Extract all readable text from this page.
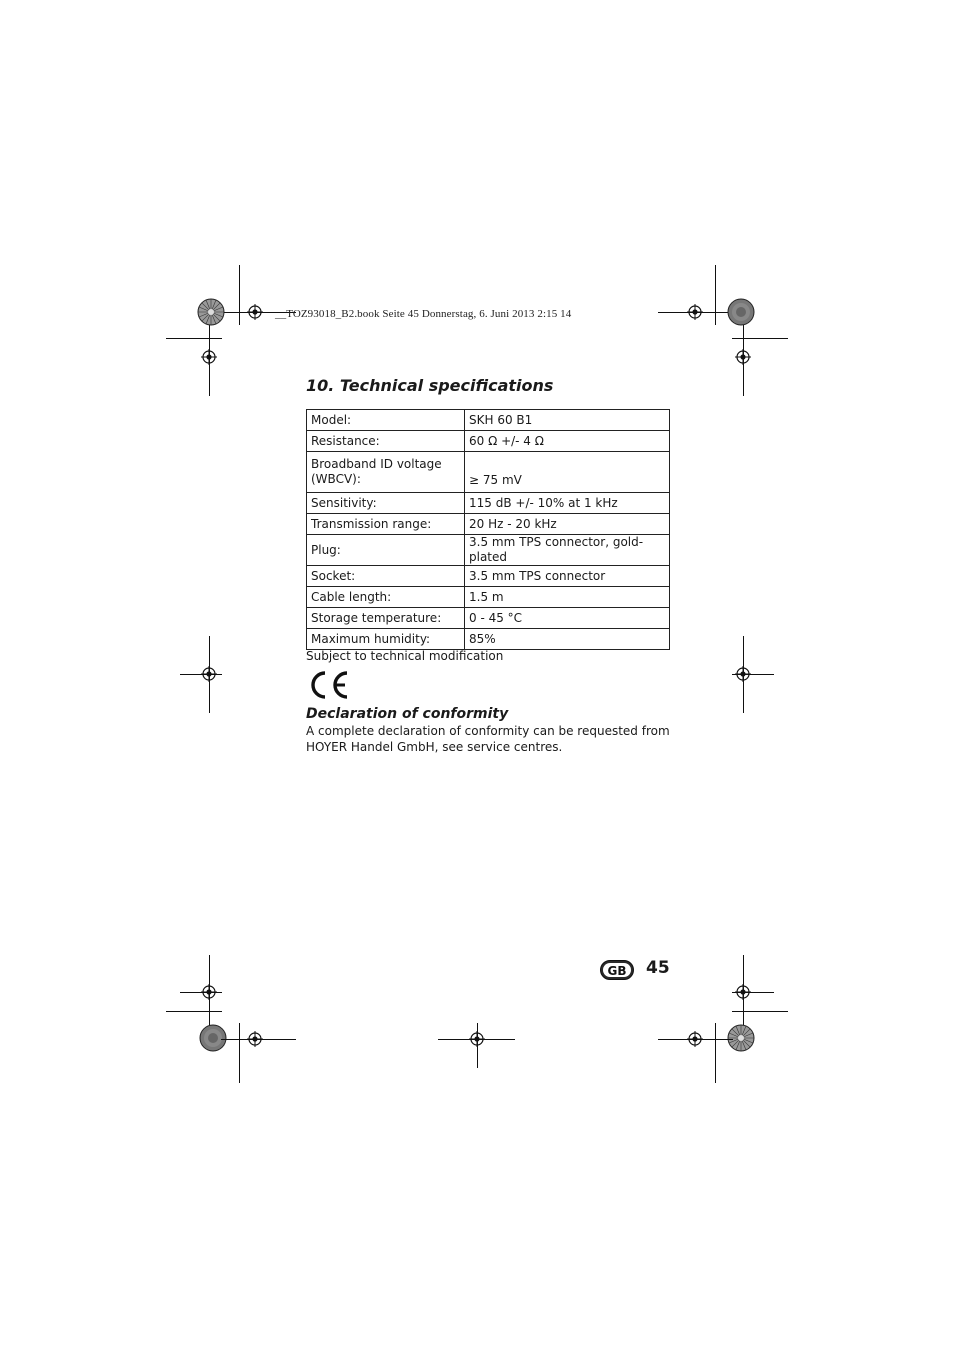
__TOZ93018_B2.book Seite 45 Donnerstag, 6. Juni 2013 2:15 14
10. Technical specifications
Model:	SKH 60 B1
Resistance:	60 Ω +/- 4 Ω
Broadband ID voltage (WBCV):	≥ 75 mV
Sensitivity:	115 dB +/- 10% at 1 kHz
Transmission range:	20 Hz - 20 kHz
Plug:	3.5 mm TPS connector, gold-plated
Socket:	3.5 mm TPS connector
Cable length:	1.5 m
Storage temperature:	0 - 45 °C
Maximum humidity:	85%
Subject to technical modification
Declaration of conformity
A complete declaration of conformity can be requested from HOYER Handel GmbH, see service centres.
GB 45
